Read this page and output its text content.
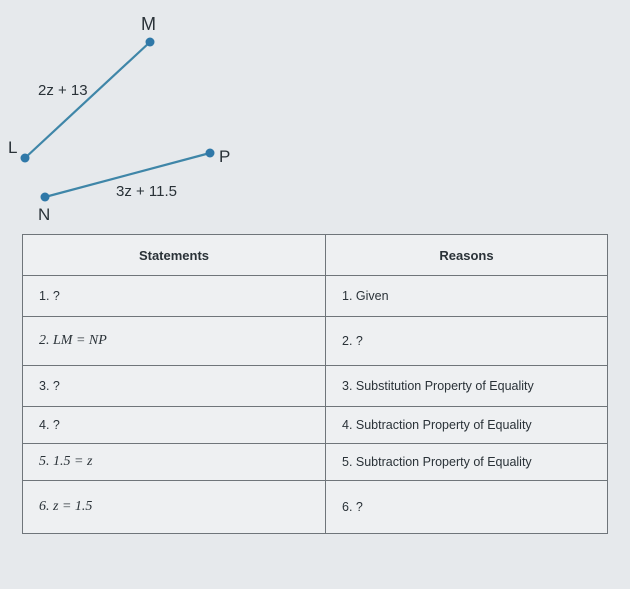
M
L	P
N
2z + 13
3z + 11.5
Statements	Reasons
1. ?	1. Given
2. LM = NP	2. ?
3. ?	3. Substitution Property of Equality
4. ?	4. Subtraction Property of Equality
5. 1.5 = z	5. Subtraction Property of Equality
6. z = 1.5	6. ?
